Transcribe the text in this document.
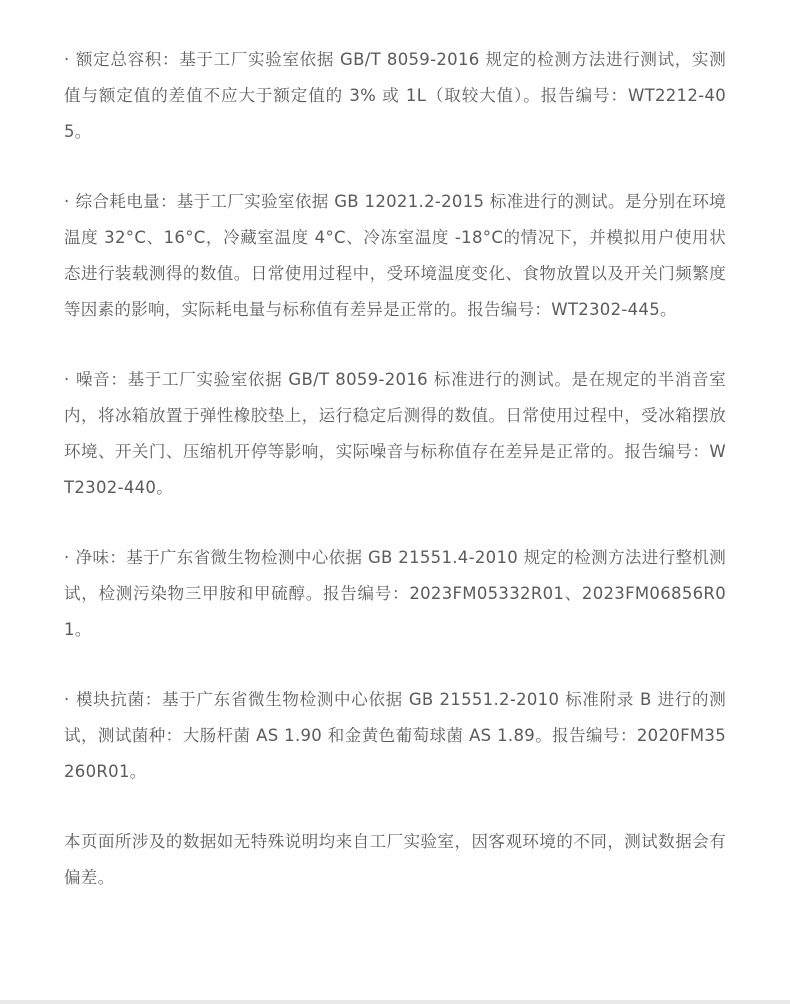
· 额定总容积：基于工厂实验室依据 GB/T 8059-2016 规定的检测方法进行测试，实测值与额定值的差值不应大于额定值的 3% 或 1L（取较大值）。报告编号：WT2212-405。

· 综合耗电量：基于工厂实验室依据 GB 12021.2-2015 标准进行的测试。是分别在环境温度 32°C、16°C，冷藏室温度 4°C、冷冻室温度 -18°C的情况下，并模拟用户使用状态进行装载测得的数值。日常使用过程中，受环境温度变化、食物放置以及开关门频繁度等因素的影响，实际耗电量与标称值有差异是正常的。报告编号：WT2302-445。

· 噪音：基于工厂实验室依据 GB/T 8059-2016 标准进行的测试。是在规定的半消音室内，将冰箱放置于弹性橡胶垫上，运行稳定后测得的数值。日常使用过程中，受冰箱摆放环境、开关门、压缩机开停等影响，实际噪音与标称值存在差异是正常的。报告编号：WT2302-440。

· 净味：基于广东省微生物检测中心依据 GB 21551.4-2010 规定的检测方法进行整机测试，检测污染物三甲胺和甲硫醇。报告编号：2023FM05332R01、2023FM06856R01。

· 模块抗菌：基于广东省微生物检测中心依据 GB 21551.2-2010 标准附录 B 进行的测试，测试菌种：大肠杆菌 AS 1.90 和金黄色葡萄球菌 AS 1.89。报告编号：2020FM35260R01。

本页面所涉及的数据如无特殊说明均来自工厂实验室，因客观环境的不同，测试数据会有偏差。
